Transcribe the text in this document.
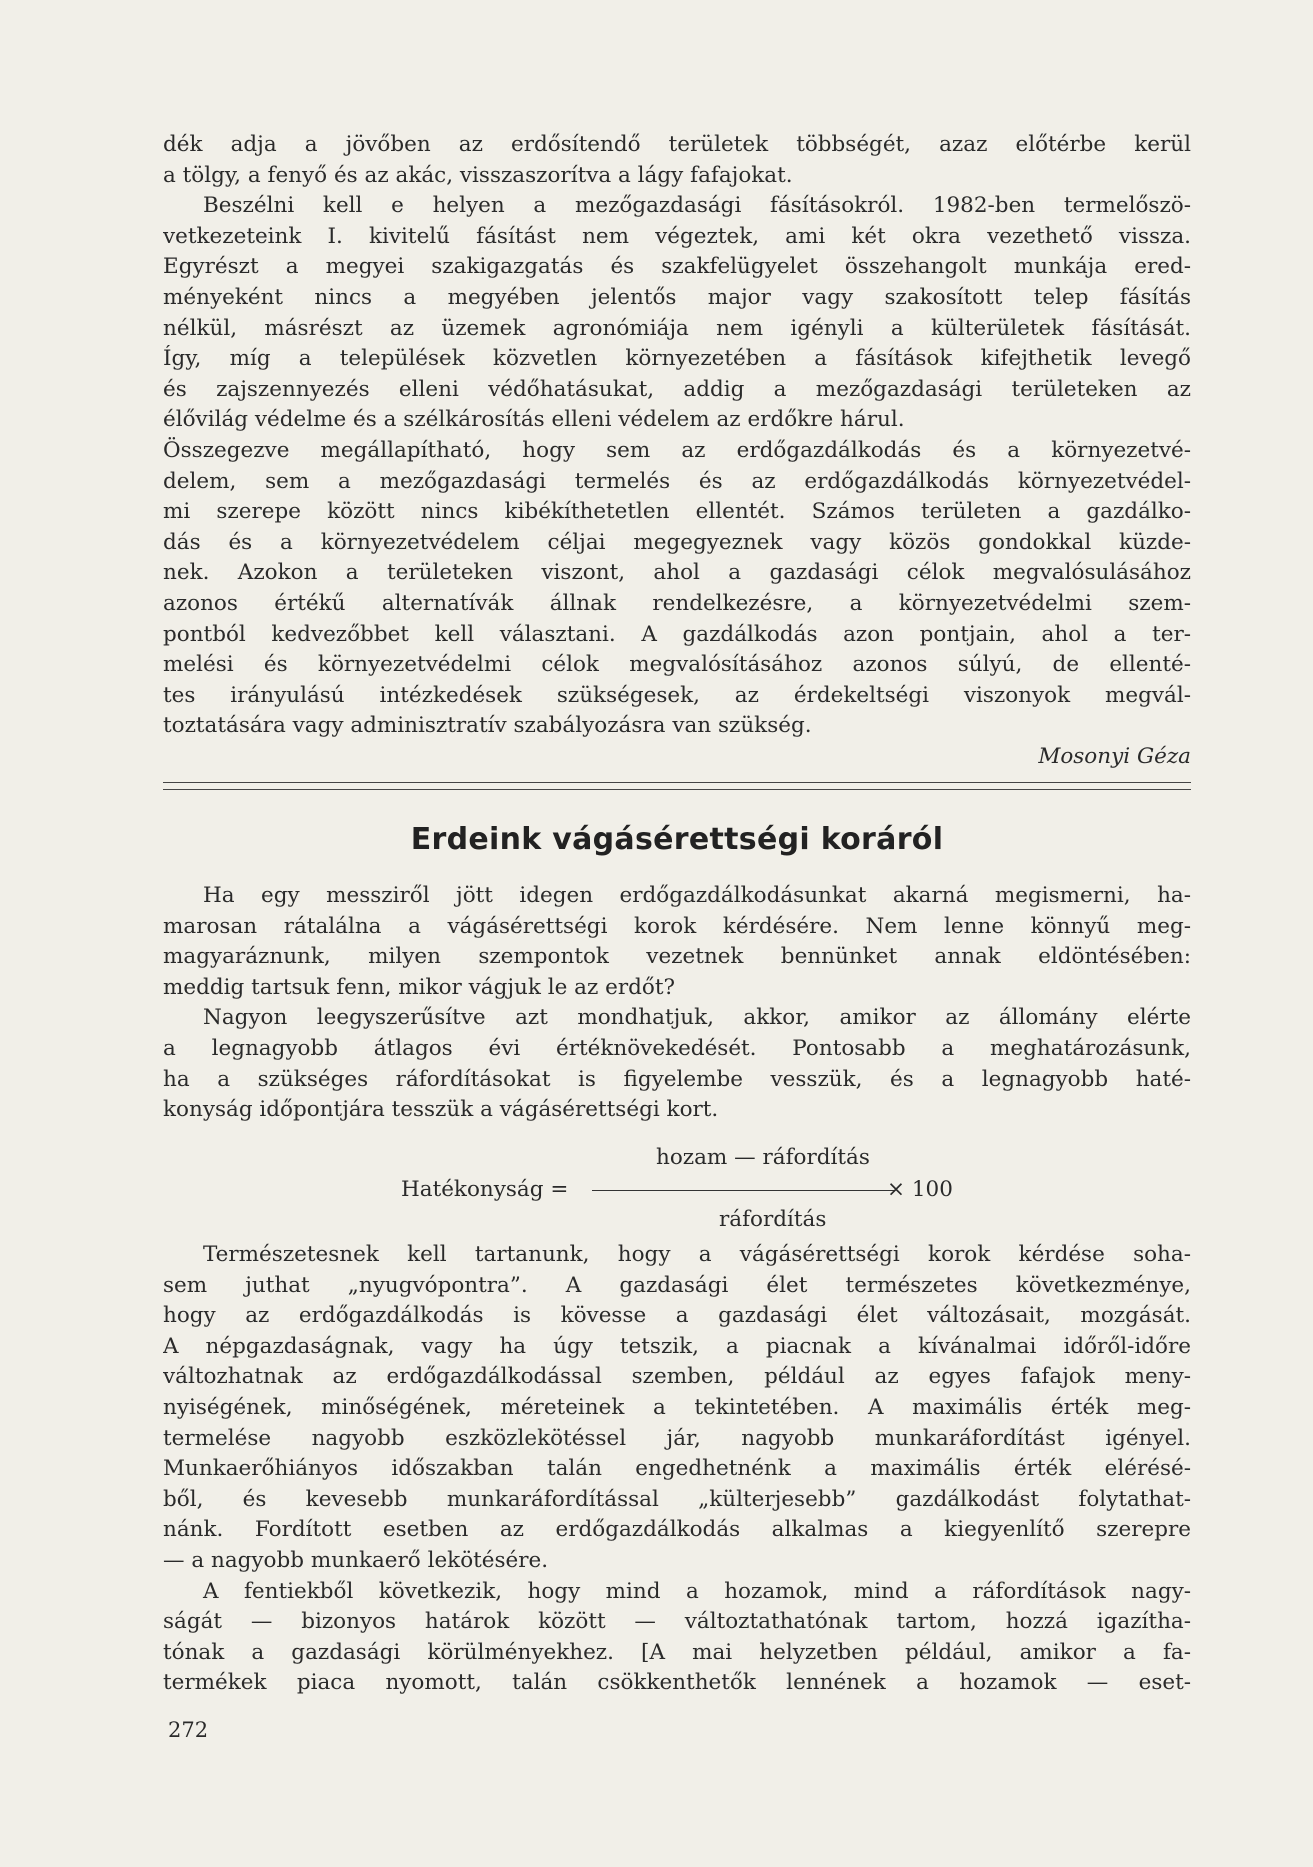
dék adja a jövőben az erdősítendő területek többségét, azaz előtérbe kerül
a tölgy, a fenyő és az akác, visszaszorítva a lágy fafajokat.
Beszélni kell e helyen a mezőgazdasági fásításokról. 1982-ben termelőszö-
vetkezeteink I. kivitelű fásítást nem végeztek, ami két okra vezethető vissza.
Egyrészt a megyei szakigazgatás és szakfelügyelet összehangolt munkája ered-
ményeként nincs a megyében jelentős major vagy szakosított telep fásítás
nélkül, másrészt az üzemek agronómiája nem igényli a külterületek fásítását.
Így, míg a települések közvetlen környezetében a fásítások kifejthetik levegő
és zajszennyezés elleni védőhatásukat, addig a mezőgazdasági területeken az
élővilág védelme és a szélkárosítás elleni védelem az erdőkre hárul.
Összegezve megállapítható, hogy sem az erdőgazdálkodás és a környezetvé-
delem, sem a mezőgazdasági termelés és az erdőgazdálkodás környezetvédel-
mi szerepe között nincs kibékíthetetlen ellentét. Számos területen a gazdálko-
dás és a környezetvédelem céljai megegyeznek vagy közös gondokkal küzde-
nek. Azokon a területeken viszont, ahol a gazdasági célok megvalósulásához
azonos értékű alternatívák állnak rendelkezésre, a környezetvédelmi szem-
pontból kedvezőbbet kell választani. A gazdálkodás azon pontjain, ahol a ter-
melési és környezetvédelmi célok megvalósításához azonos súlyú, de ellenté-
tes irányulású intézkedések szükségesek, az érdekeltségi viszonyok megvál-
toztatására vagy adminisztratív szabályozásra van szükség.
Mosonyi Géza
Erdeink vágásérettségi koráról
Ha egy messziről jött idegen erdőgazdálkodásunkat akarná megismerni, ha-
marosan rátalálna a vágásérettségi korok kérdésére. Nem lenne könnyű meg-
magyaráznunk, milyen szempontok vezetnek bennünket annak eldöntésében:
meddig tartsuk fenn, mikor vágjuk le az erdőt?
Nagyon leegyszerűsítve azt mondhatjuk, akkor, amikor az állomány elérte
a legnagyobb átlagos évi értéknövekedését. Pontosabb a meghatározásunk,
ha a szükséges ráfordításokat is figyelembe vesszük, és a legnagyobb haté-
konyság időpontjára tesszük a vágásérettségi kort.
hozam — ráfordítás
Hatékonyság =	× 100
ráfordítás
Természetesnek kell tartanunk, hogy a vágásérettségi korok kérdése soha-
sem juthat „nyugvópontra”. A gazdasági élet természetes következménye,
hogy az erdőgazdálkodás is kövesse a gazdasági élet változásait, mozgását.
A népgazdaságnak, vagy ha úgy tetszik, a piacnak a kívánalmai időről-időre
változhatnak az erdőgazdálkodással szemben, például az egyes fafajok meny-
nyiségének, minőségének, méreteinek a tekintetében. A maximális érték meg-
termelése nagyobb eszközlekötéssel jár, nagyobb munkaráfordítást igényel.
Munkaerőhiányos időszakban talán engedhetnénk a maximális érték elérésé-
ből, és kevesebb munkaráfordítással „külterjesebb” gazdálkodást folytathat-
nánk. Fordított esetben az erdőgazdálkodás alkalmas a kiegyenlítő szerepre
— a nagyobb munkaerő lekötésére.
A fentiekből következik, hogy mind a hozamok, mind a ráfordítások nagy-
ságát — bizonyos határok között — változtathatónak tartom, hozzá igazítha-
tónak a gazdasági körülményekhez. [A mai helyzetben például, amikor a fa-
termékek piaca nyomott, talán csökkenthetők lennének a hozamok — eset-
272
